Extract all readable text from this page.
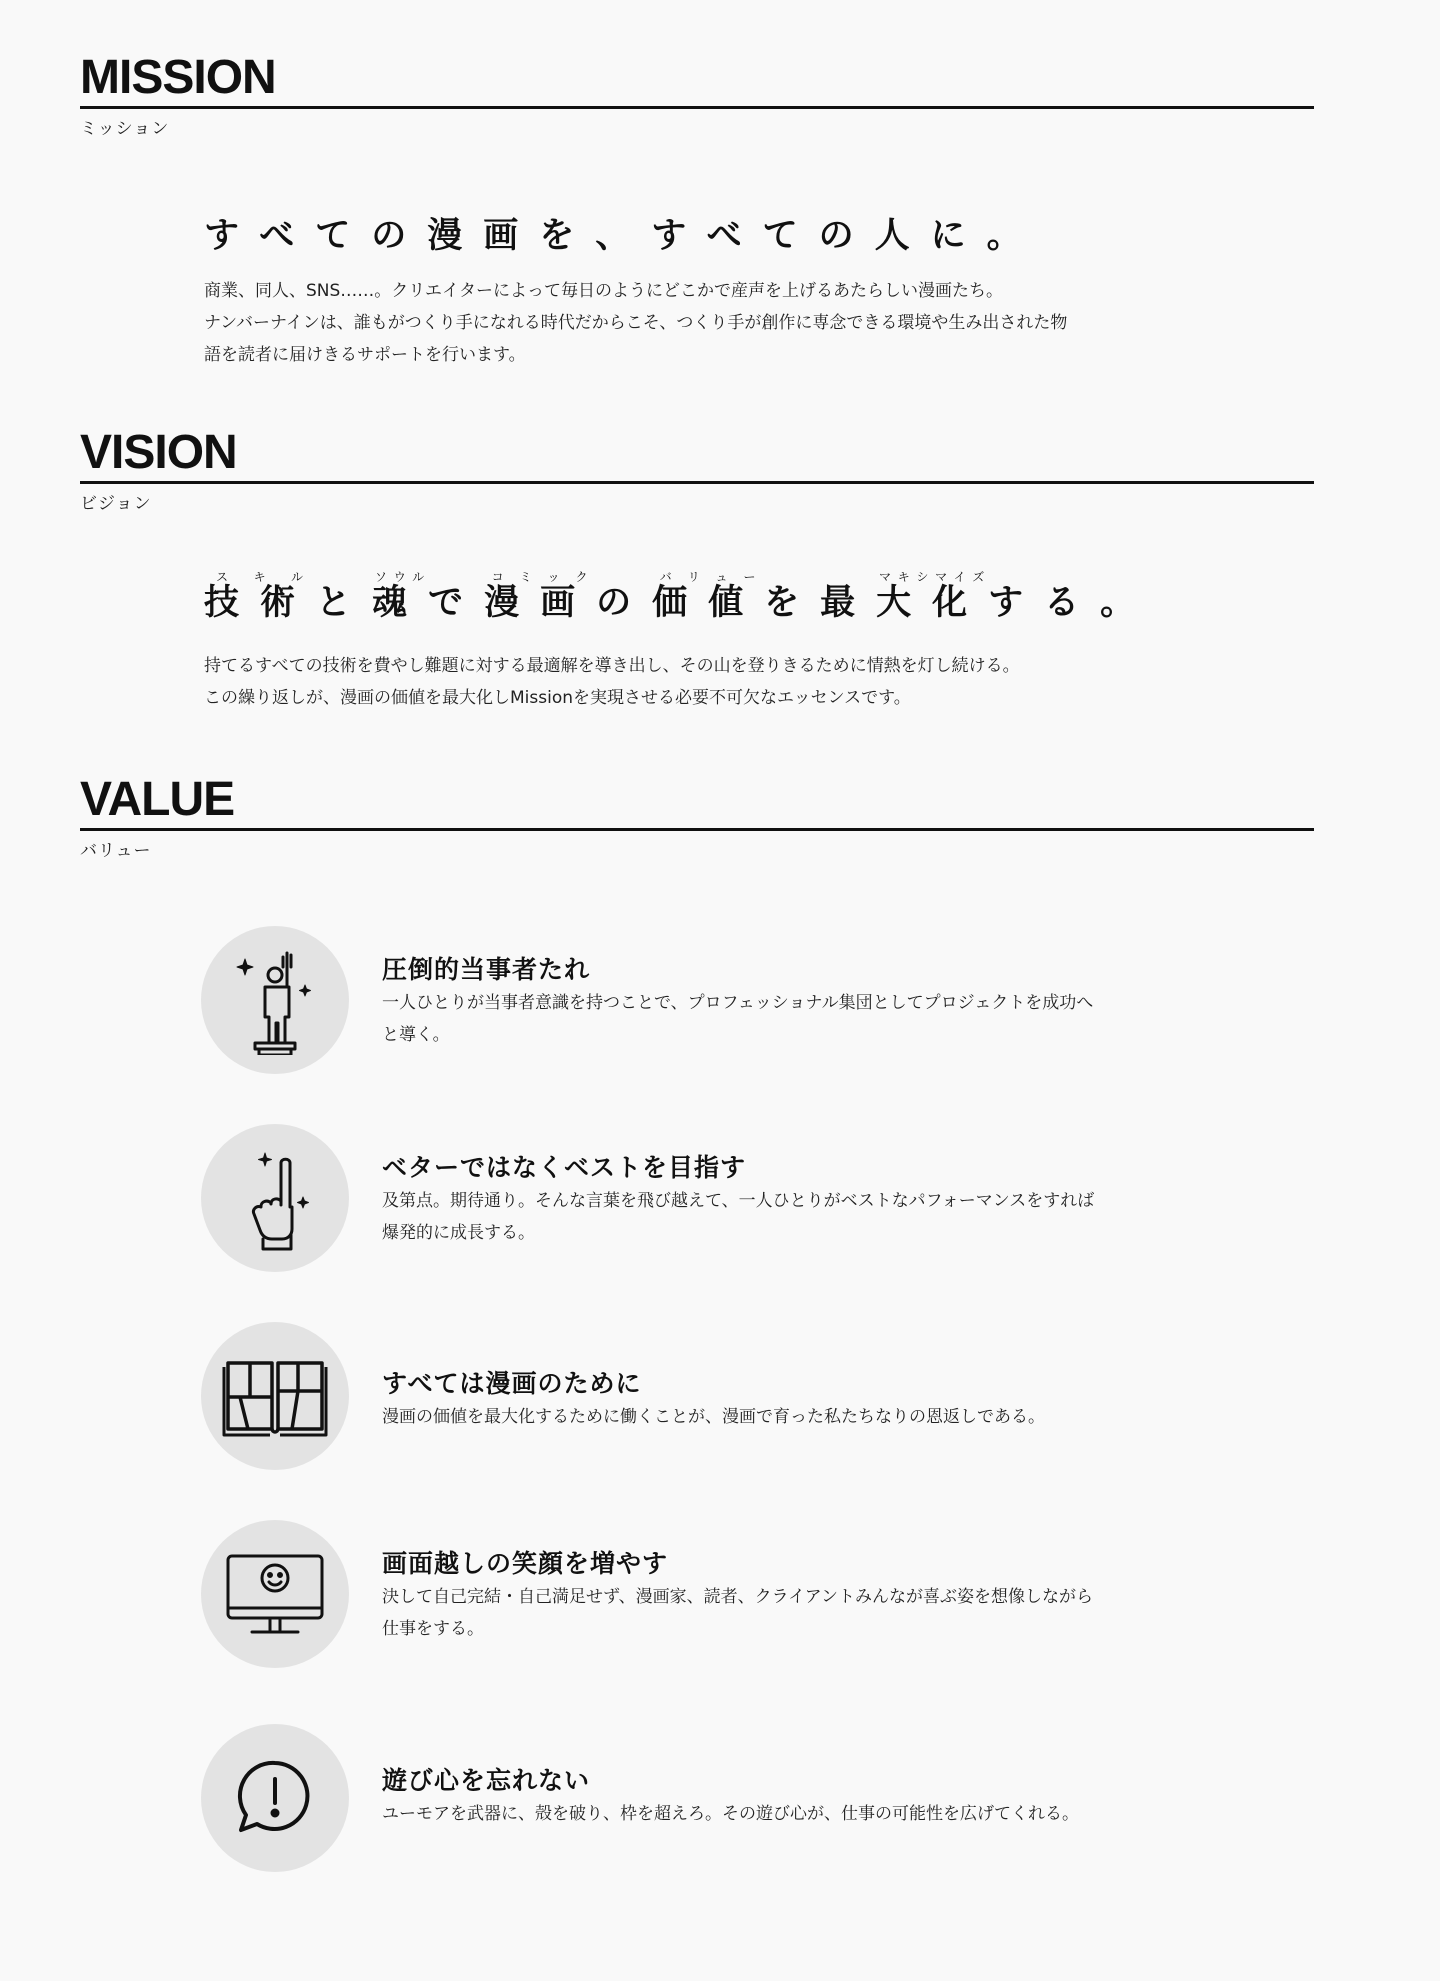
MISSION
ミッション
すべての漫画を、すべての人に。
商業、同人、SNS……。クリエイターによって毎日のようにどこかで産声を上げるあたらしい漫画たち。
ナンバーナインは、誰もがつくり手になれる時代だからこそ、つくり手が創作に専念できる環境や生み出された物
語を読者に届けきるサポートを行います。
VISION
ビジョン
技術スキルと魂ソウルで漫画コミックの価値バリューを最大化マキシマイズする。
持てるすべての技術を費やし難題に対する最適解を導き出し、その山を登りきるために情熱を灯し続ける。
この繰り返しが、漫画の価値を最大化しMissionを実現させる必要不可欠なエッセンスです。
VALUE
バリュー

圧倒的当事者たれ

一人ひとりが当事者意識を持つことで、プロフェッショナル集団としてプロジェクトを成功へ
と導く。

ベターではなくベストを目指す

及第点。期待通り。そんな言葉を飛び越えて、一人ひとりがベストなパフォーマンスをすれば
爆発的に成長する。

すべては漫画のために

漫画の価値を最大化するために働くことが、漫画で育った私たちなりの恩返しである。

画面越しの笑顔を増やす

決して自己完結・自己満足せず、漫画家、読者、クライアントみんなが喜ぶ姿を想像しながら
仕事をする。

遊び心を忘れない

ユーモアを武器に、殻を破り、枠を超えろ。その遊び心が、仕事の可能性を広げてくれる。
